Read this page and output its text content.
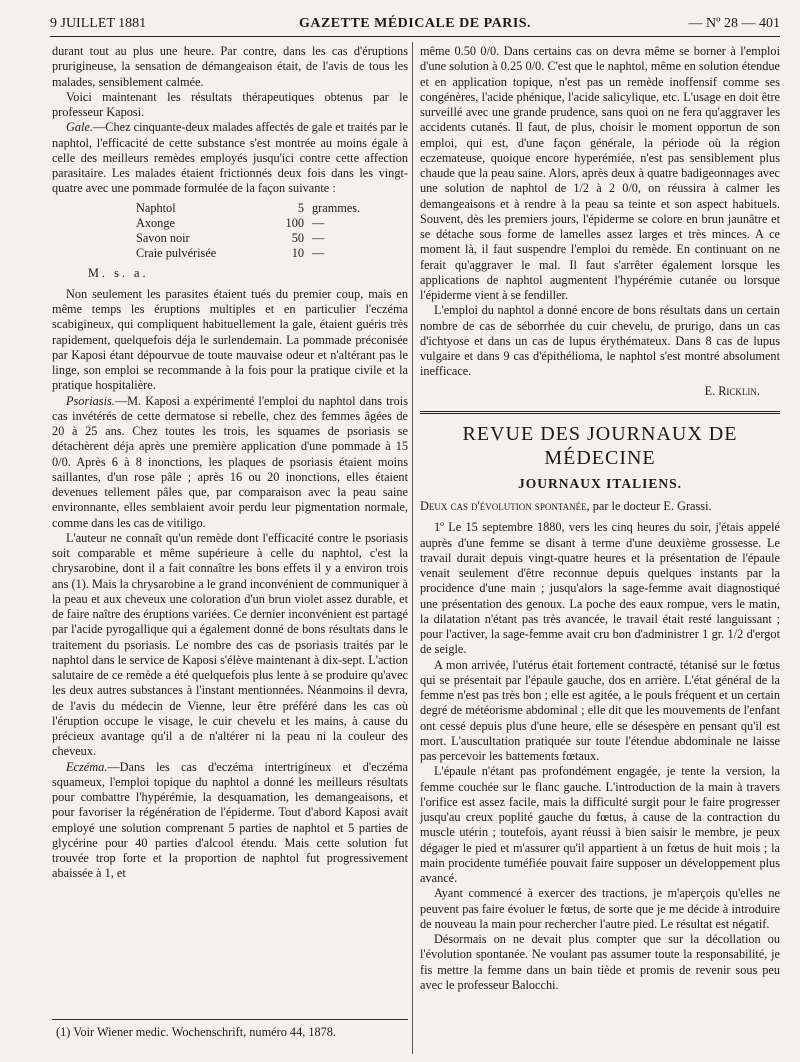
9 JUILLET 1881	GAZETTE MÉDICALE DE PARIS.	— Nº 28 — 401

durant tout au plus une heure. Par contre, dans les cas d'éruptions prurigineuse, la sensation de démangeaison était, de l'avis de tous les malades, sensiblement calmée.

Voici maintenant les résultats thérapeutiques obtenus par le professeur Kaposi.

Gale.—Chez cinquante-deux malades affectés de gale et traités par le naphtol, l'efficacité de cette substance s'est montrée au moins égale à celle des meilleurs remèdes employés jusqu'ici contre cette affection parasitaire. Les malades étaient frictionnés deux fois dans les vingt-quatre avec une pommade formulée de la façon suivante :

Naphtol	5 grammes.
Axonge	100 —
Savon noir	50 —
Craie pulvérisée	10 —
M. s. a.

Non seulement les parasites étaient tués du premier coup, mais en même temps les éruptions multiples et en particulier l'eczéma scabigineux, qui compliquent habituellement la gale, étaient guéris très rapidement, quelquefois déja le surlendemain. La pommade préconisée par Kaposi étant dépourvue de toute mauvaise odeur et n'altérant pas le linge, son emploi se recommande à la fois pour la pratique civile et la pratique hospitalière.

Psoriasis.—M. Kaposi a expérimenté l'emploi du naphtol dans trois cas invétérés de cette dermatose si rebelle, chez des femmes âgées de 20 à 25 ans. Chez toutes les trois, les squames de psoriasis se détachèrent déja après une première application d'une pommade à 15 0/0. Après 6 à 8 inonctions, les plaques de psoriasis étaient moins saillantes, d'un rose pâle ; après 16 ou 20 inonctions, elles étaient devenues tellement pâles que, par comparaison avec la peau saine environnante, elles semblaient avoir perdu leur pigmentation normale, comme dans les cas de vitiligo.

L'auteur ne connaît qu'un remède dont l'efficacité contre le psoriasis soit comparable et même supérieure à celle du naphtol, c'est la chrysarobine, dont il a fait connaître les bons effets il y a environ trois ans (1). Mais la chrysarobine a le grand inconvénient de communiquer à la peau et aux cheveux une coloration d'un brun violet assez durable, et de faire naître des éruptions variées. Ce dernier inconvénient est partagé par l'acide pyrogallique qui a également donné de bons résultats dans le traitement du psoriasis. Le nombre des cas de psoriasis traités par le naphtol dans le service de Kaposi s'élève maintenant à dix-sept. L'action salutaire de ce remède a été quelquefois plus lente à se produire qu'avec les deux autres substances à l'instant mentionnées. Néanmoins il devra, de l'avis du médecin de Vienne, leur être préféré dans les cas où l'éruption occupe le visage, le cuir chevelu et les mains, à cause du précieux avantage qu'il a de n'altérer ni la peau ni la couleur des cheveux.

Eczéma.—Dans les cas d'eczéma intertrigineux et d'eczéma squameux, l'emploi topique du naphtol a donné les meilleurs résultats pour combattre l'hypérémie, la desquamation, les demangeaisons, et pour favoriser la régénération de l'épiderme. Tout d'abord Kaposi avait employé une solution comprenant 5 parties de naphtol et 5 parties de glycérine pour 40 parties d'alcool étendu. Mais cette solution fut trouvée trop forte et la proportion de naphtol fut progressivement abaissée à 1, et

(1) Voir Wiener medic. Wochenschrift, numéro 44, 1878.

même 0.50 0/0. Dans certains cas on devra même se borner à l'emploi d'une solution à 0.25 0/0. C'est que le naphtol, même en solution étendue et en application topique, n'est pas un remède inoffensif comme ses congénères, l'acide phénique, l'acide salicylique, etc. L'usage en doit être surveillé avec une grande prudence, sans quoi on ne fera qu'aggraver les accidents cutanés. Il faut, de plus, choisir le moment opportun de son emploi, qui est, d'une façon générale, la période où la région eczemateuse, quoique encore hyperémiée, n'est pas sensiblement plus chaude que la peau saine. Alors, après deux à quatre badigeonnages avec une solution de naphtol de 1/2 à 2 0/0, on réussira à calmer les demangeaisons et à rendre à la peau sa teinte et son aspect habituels. Souvent, dès les premiers jours, l'épiderme se colore en brun jaunâtre et se détache sous forme de lamelles assez larges et très minces. A ce moment là, il faut suspendre l'emploi du remède. En continuant on ne ferait qu'aggraver le mal. Il faut s'arrêter également lorsque les applications de naphtol augmentent l'hypérémie cutanée ou lorsque l'épiderme vient à se fendiller.

L'emploi du naphtol a donné encore de bons résultats dans un certain nombre de cas de séborrhée du cuir chevelu, de prurigo, dans un cas d'ichtyose et dans un cas de lupus érythémateux. Dans 8 cas de lupus vulgaire et dans 9 cas d'épithélioma, le naphtol s'est montré absolument inefficace.

E. Ricklin.
REVUE DES JOURNAUX DE MÉDECINE
JOURNAUX ITALIENS.

Deux cas d'évolution spontanée, par le docteur E. Grassi.

1º Le 15 septembre 1880, vers les cinq heures du soir, j'étais appelé auprès d'une femme se disant à terme d'une deuxième grossesse. Le travail durait depuis vingt-quatre heures et la présentation de l'épaule venait seulement d'être reconnue depuis quelques instants par la procidence d'une main ; jusqu'alors la sage-femme avait diagnostiqué une présentation des genoux. La poche des eaux rompue, vers le matin, la dilatation n'étant pas très avancée, le travail était resté languissant ; pour l'activer, la sage-femme avait cru bon d'administrer 1 gr. 1/2 d'ergot de seigle.

A mon arrivée, l'utérus était fortement contracté, tétanisé sur le fœtus qui se présentait par l'épaule gauche, dos en arrière. L'état général de la femme n'est pas très bon ; elle est agitée, a le pouls fréquent et un certain degré de météorisme abdominal ; elle dit que les mouvements de l'enfant ont cessé depuis plus d'une heure, elle se désespère en pensant qu'il est mort. L'auscultation pratiquée sur toute l'étendue abdominale ne laisse pas percevoir les battements fœtaux.

L'épaule n'étant pas profondément engagée, je tente la version, la femme couchée sur le flanc gauche. L'introduction de la main à travers l'orifice est assez facile, mais la difficulté surgit pour le faire progresser jusqu'au creux poplité gauche du fœtus, à cause de la contraction du muscle utérin ; toutefois, ayant réussi à bien saisir le membre, je peux dégager le pied et m'assurer qu'il appartient à un fœtus de huit mois ; la main procidente tuméfiée pouvait faire supposer un développement plus avancé.

Ayant commencé à exercer des tractions, je m'aperçois qu'elles ne peuvent pas faire évoluer le fœtus, de sorte que je me décide à introduire de nouveau la main pour rechercher l'autre pied. Le résultat est négatif.

Désormais on ne devait plus compter que sur la décollation ou l'évolution spontanée. Ne voulant pas assumer toute la responsabilité, je fis mettre la femme dans un bain tiède et promis de revenir sous peu avec le professeur Balocchi.
